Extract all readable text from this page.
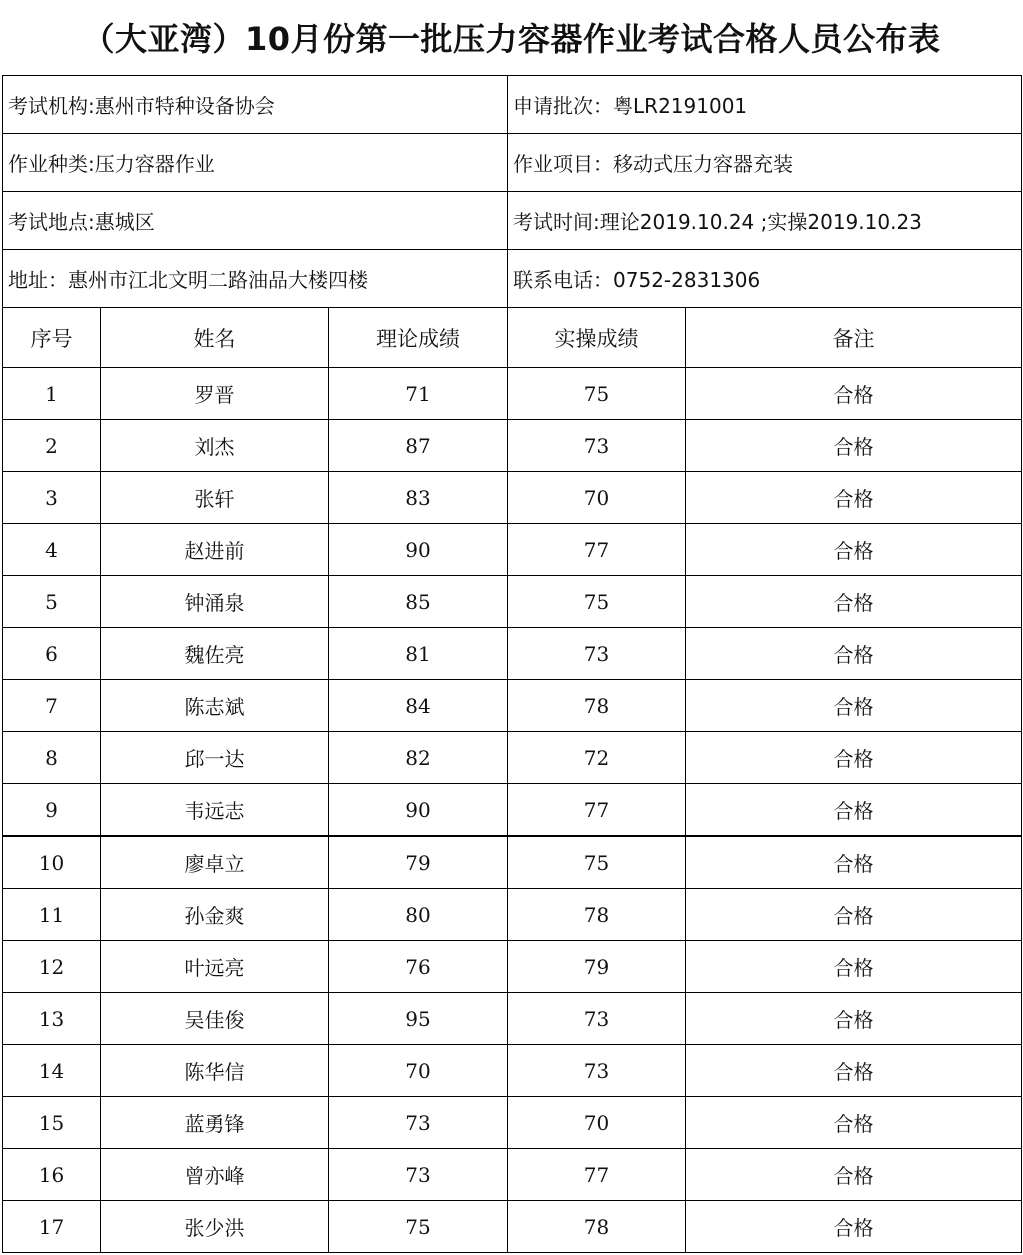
（大亚湾）10月份第一批压力容器作业考试合格人员公布表
考试机构:惠州市特种设备协会			申请批次：粤LR2191001	
作业种类:压力容器作业			作业项目：移动式压力容器充装	
考试地点:惠城区			考试时间:理论2019.10.24 ;实操2019.10.23	
地址：惠州市江北文明二路油品大楼四楼			联系电话：0752-2831306	
序号	姓名	理论成绩	实操成绩	备注
1	罗晋	71	75	合格
2	刘杰	87	73	合格
3	张轩	83	70	合格
4	赵进前	90	77	合格
5	钟涌泉	85	75	合格
6	魏佐亮	81	73	合格
7	陈志斌	84	78	合格
8	邱一达	82	72	合格
9	韦远志	90	77	合格
10	廖卓立	79	75	合格
11	孙金爽	80	78	合格
12	叶远亮	76	79	合格
13	吴佳俊	95	73	合格
14	陈华信	70	73	合格
15	蓝勇锋	73	70	合格
16	曾亦峰	73	77	合格
17	张少洪	75	78	合格
